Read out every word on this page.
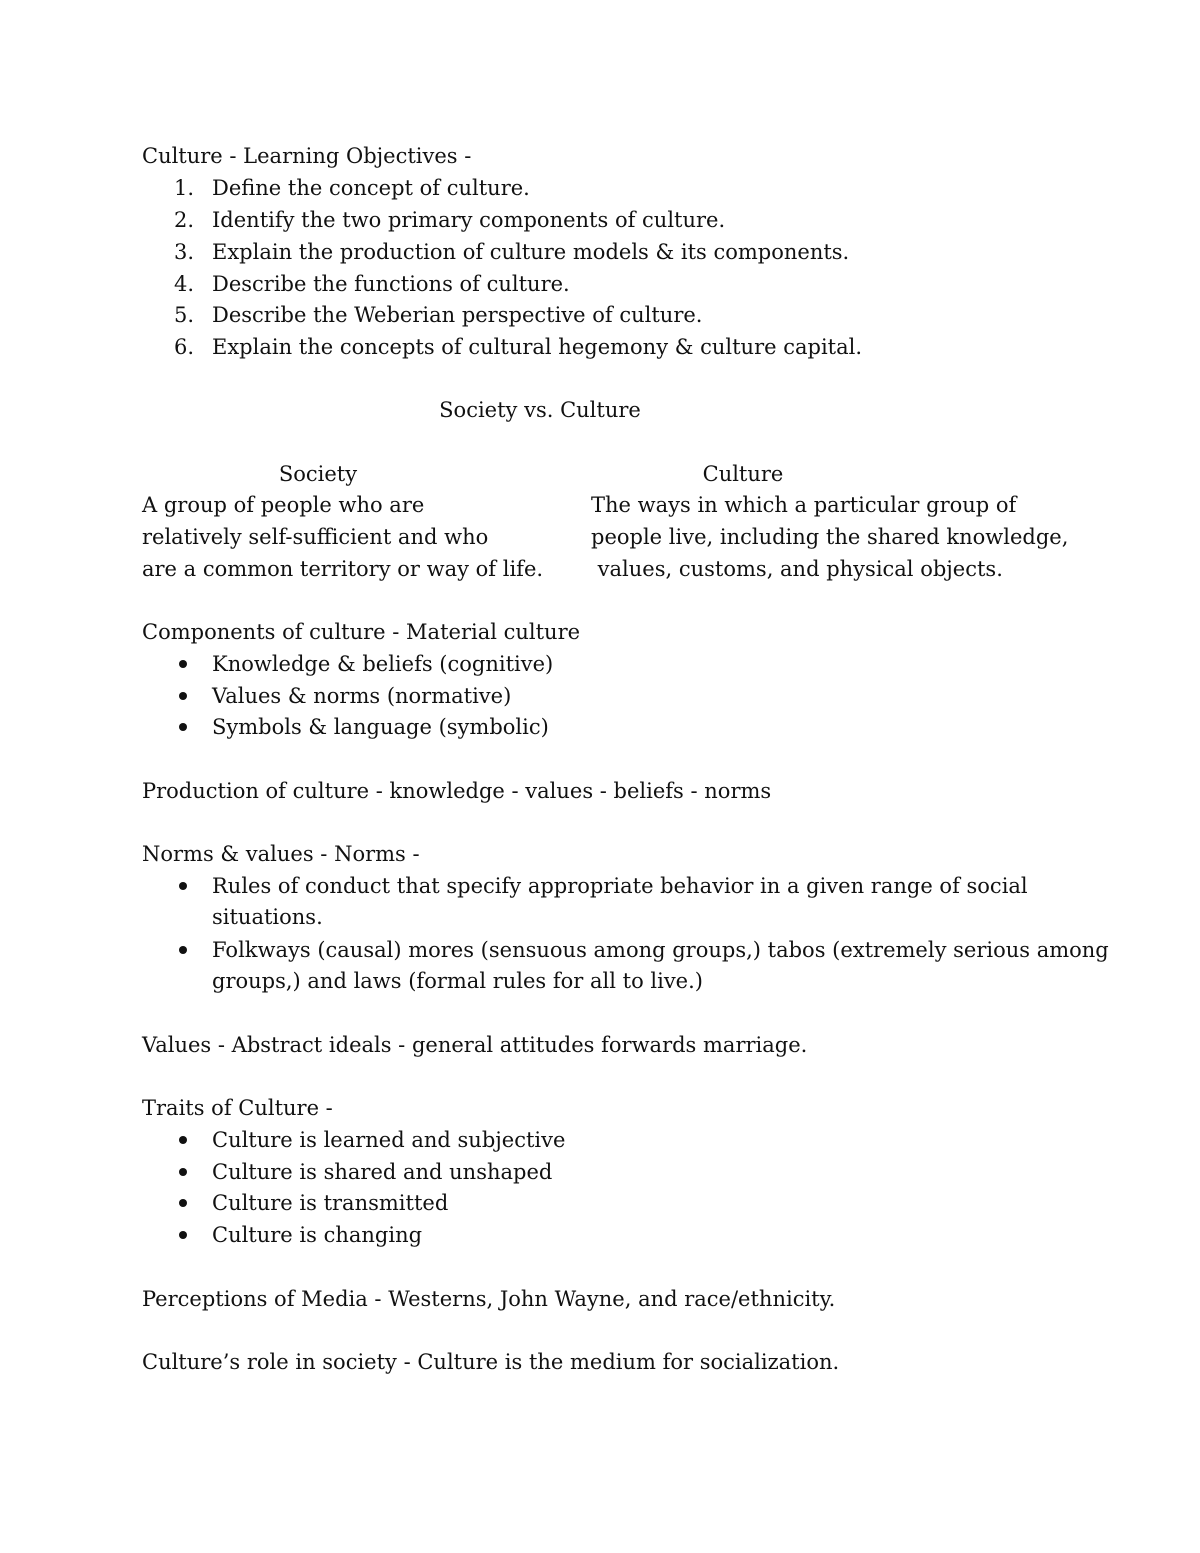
Culture - Learning Objectives -
1. Define the concept of culture.
2. Identify the two primary components of culture.
3. Explain the production of culture models & its components.
4. Describe the functions of culture.
5. Describe the Weberian perspective of culture.
6. Explain the concepts of cultural hegemony & culture capital.
Society vs. Culture
Society	Culture
A group of people who are
relatively self-sufficient and who
are a common territory or way of life.
The ways in which a particular group of
people live, including the shared knowledge,
values, customs, and physical objects.
Components of culture - Material culture
Knowledge & beliefs (cognitive)
Values & norms (normative)
Symbols & language (symbolic)
Production of culture - knowledge - values - beliefs - norms
Norms & values - Norms -
Rules of conduct that specify appropriate behavior in a given range of social
situations.
Folkways (causal) mores (sensuous among groups,) tabos (extremely serious among
groups,) and laws (formal rules for all to live.)
Values - Abstract ideals - general attitudes forwards marriage.
Traits of Culture -
Culture is learned and subjective
Culture is shared and unshaped
Culture is transmitted
Culture is changing
Perceptions of Media - Westerns, John Wayne, and race/ethnicity.
Culture’s role in society - Culture is the medium for socialization.
